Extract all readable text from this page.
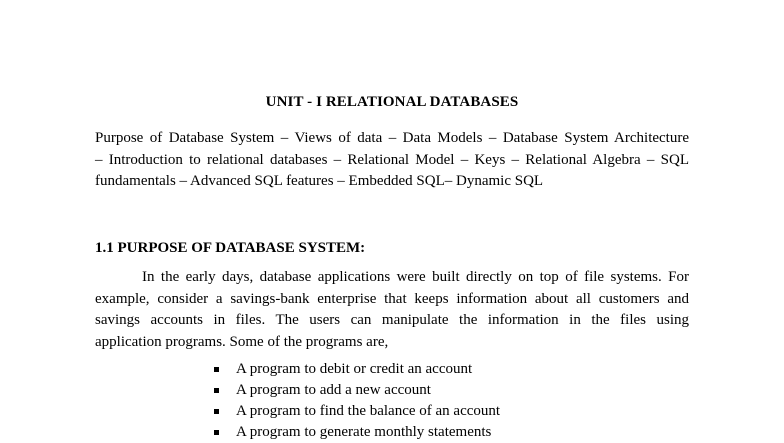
UNIT - I RELATIONAL DATABASES
Purpose of Database System – Views of data – Data Models – Database System Architecture
– Introduction to relational databases – Relational Model – Keys – Relational Algebra – SQL
fundamentals – Advanced SQL features – Embedded SQL– Dynamic SQL
1.1 PURPOSE OF DATABASE SYSTEM:
In the early days, database applications were built directly on top of file systems. For
example, consider a savings-bank enterprise that keeps information about all customers and
savings accounts in files. The users can manipulate the information in the files using
application programs. Some of the programs are,
A program to debit or credit an account
A program to add a new account
A program to find the balance of an account
A program to generate monthly statements
